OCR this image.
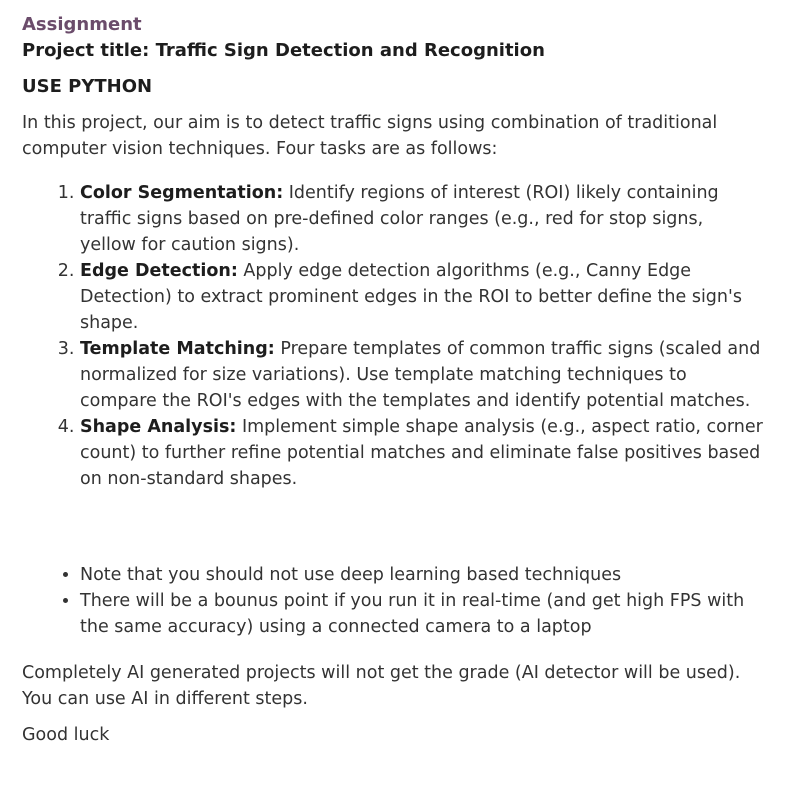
Assignment

Project title: Traffic Sign Detection and Recognition

USE PYTHON

In this project, our aim is to detect traffic signs using combination of traditional computer vision techniques. Four tasks are as follows:

1. Color Segmentation: Identify regions of interest (ROI) likely containing traffic signs based on pre-defined color ranges (e.g., red for stop signs, yellow for caution signs).
2. Edge Detection: Apply edge detection algorithms (e.g., Canny Edge Detection) to extract prominent edges in the ROI to better define the sign's shape.
3. Template Matching: Prepare templates of common traffic signs (scaled and normalized for size variations). Use template matching techniques to compare the ROI's edges with the templates and identify potential matches.
4. Shape Analysis: Implement simple shape analysis (e.g., aspect ratio, corner count) to further refine potential matches and eliminate false positives based on non-standard shapes.
• Note that you should not use deep learning based techniques
• There will be a bounus point if you run it in real-time (and get high FPS with the same accuracy) using a connected camera to a laptop

Completely AI generated projects will not get the grade (AI detector will be used). You can use AI in different steps.

Good luck
